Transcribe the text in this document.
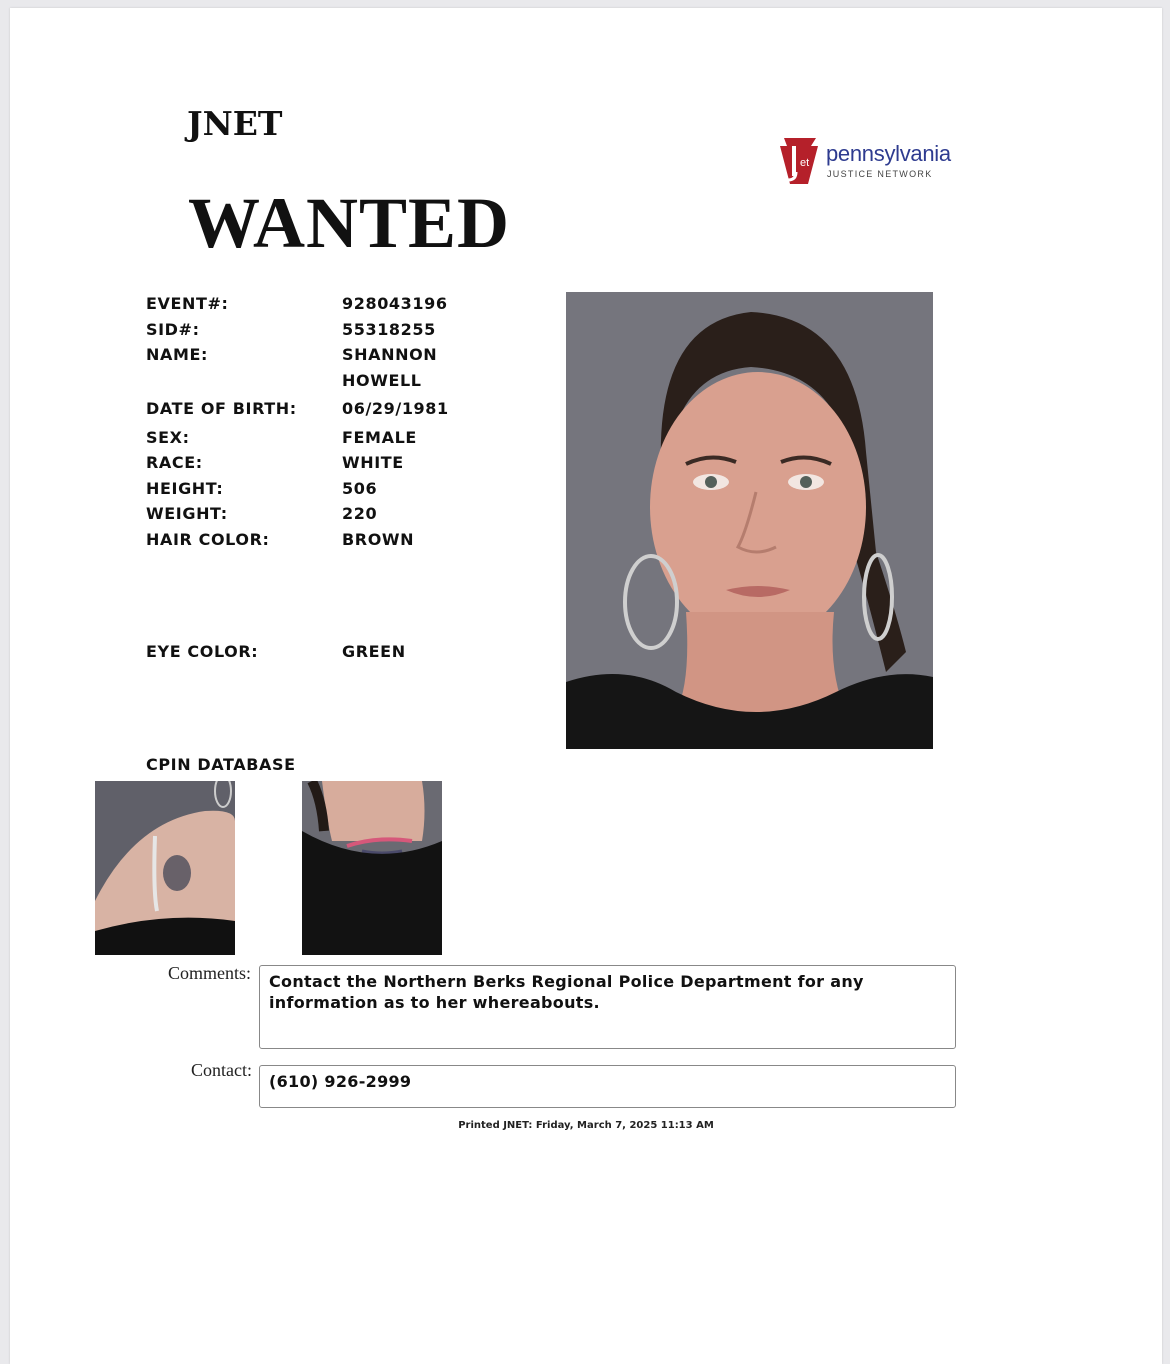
JNET
WANTED
et pennsylvania
JUSTICE NETWORK
EVENT#:	928043196
SID#:	55318255
NAME:	SHANNON
HOWELL
DATE OF BIRTH:	06/29/1981
SEX:	FEMALE
RACE:	WHITE
HEIGHT:	506
WEIGHT:	220
HAIR COLOR:	BROWN
EYE COLOR:	GREEN
CPIN DATABASE
Comments:	Contact the Northern Berks Regional Police Department for any information as to her whereabouts.
Contact:
(610) 926-2999
Printed JNET: Friday, March 7, 2025 11:13 AM
